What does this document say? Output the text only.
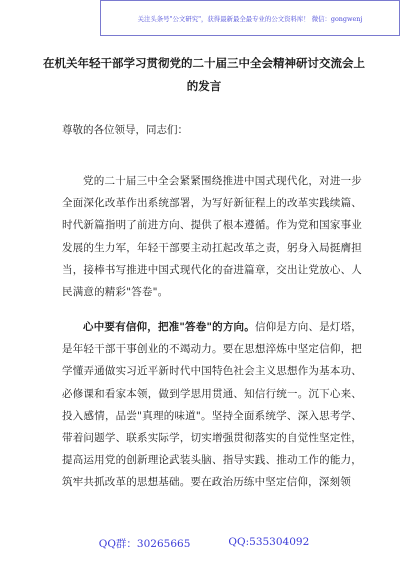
关注头条号"公文研究"，获得最新最全最专业的公文资料库！ 微信：gongwenj
在机关年轻干部学习贯彻党的二十届三中全会精神研讨交流会上的发言

尊敬的各位领导，同志们：

党的二十届三中全会紧紧围绕推进中国式现代化，对进一步全面深化改革作出系统部署，为写好新征程上的改革实践续篇、时代新篇指明了前进方向、提供了根本遵循。作为党和国家事业发展的生力军，年轻干部要主动扛起改革之责，躬身入局挺膺担当，接棒书写推进中国式现代化的奋进篇章，交出让党放心、人民满意的精彩"答卷"。

心中要有信仰，把准"答卷"的方向。信仰是方向、是灯塔，是年轻干部干事创业的不竭动力。要在思想淬炼中坚定信仰，把学懂弄通做实习近平新时代中国特色社会主义思想作为基本功、必修课和看家本领，做到学思用贯通、知信行统一。沉下心来、投入感情，品尝"真理的味道"。坚持全面系统学、深入思考学、带着问题学、联系实际学，切实增强贯彻落实的自觉性坚定性，提高运用党的创新理论武装头脑、指导实践、推动工作的能力，筑牢共抓改革的思想基础。要在政治历练中坚定信仰，深刻领

QQ群：30265665	QQ:535304092
